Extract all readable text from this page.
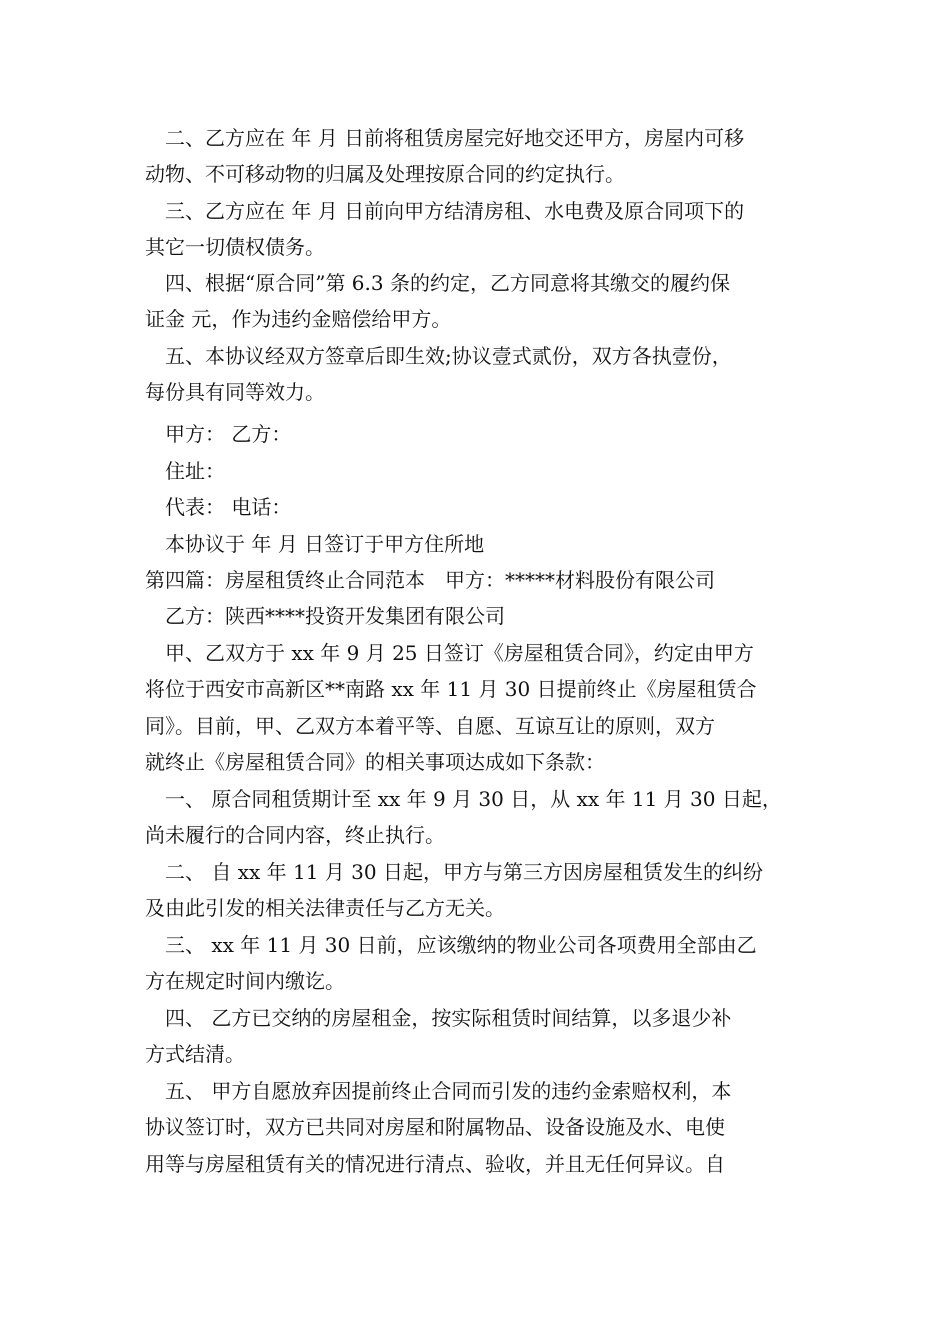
二、乙方应在 年 月 日前将租赁房屋完好地交还甲方，房屋内可移
动物、不可移动物的归属及处理按原合同的约定执行。
三、乙方应在 年 月 日前向甲方结清房租、水电费及原合同项下的
其它一切债权债务。
四、根据“原合同”第 6.3 条的约定，乙方同意将其缴交的履约保
证金 元，作为违约金赔偿给甲方。
五、本协议经双方签章后即生效;协议壹式贰份，双方各执壹份，
每份具有同等效力。
甲方： 乙方：
住址：
代表： 电话：
本协议于 年 月 日签订于甲方住所地
第四篇：房屋租赁终止合同范本　甲方：*****材料股份有限公司
乙方：陕西****投资开发集团有限公司
甲、乙双方于 xx 年 9 月 25 日签订《房屋租赁合同》，约定由甲方
将位于西安市高新区**南路 xx 年 11 月 30 日提前终止《房屋租赁合
同》。目前，甲、乙双方本着平等、自愿、互谅互让的原则，双方
就终止《房屋租赁合同》的相关事项达成如下条款：
一、 原合同租赁期计至 xx 年 9 月 30 日，从 xx 年 11 月 30 日起，
尚未履行的合同内容，终止执行。
二、 自 xx 年 11 月 30 日起，甲方与第三方因房屋租赁发生的纠纷
及由此引发的相关法律责任与乙方无关。
三、 xx 年 11 月 30 日前，应该缴纳的物业公司各项费用全部由乙
方在规定时间内缴讫。
四、 乙方已交纳的房屋租金，按实际租赁时间结算，以多退少补
方式结清。
五、 甲方自愿放弃因提前终止合同而引发的违约金索赔权利，本
协议签订时，双方已共同对房屋和附属物品、设备设施及水、电使
用等与房屋租赁有关的情况进行清点、验收，并且无任何异议。自
